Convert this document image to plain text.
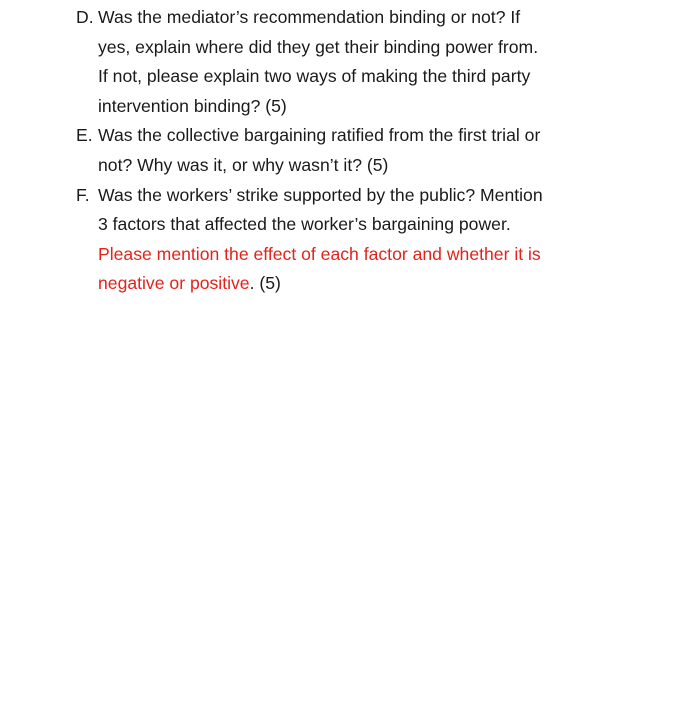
D. Was the mediator’s recommendation binding or not? If
yes, explain where did they get their binding power from.
If not, please explain two ways of making the third party
intervention binding? (5)
E. Was the collective bargaining ratified from the first trial or
not? Why was it, or why wasn’t it? (5)
F. Was the workers’ strike supported by the public? Mention
3 factors that affected the worker’s bargaining power.
Please mention the effect of each factor and whether it is
negative or positive. (5)
